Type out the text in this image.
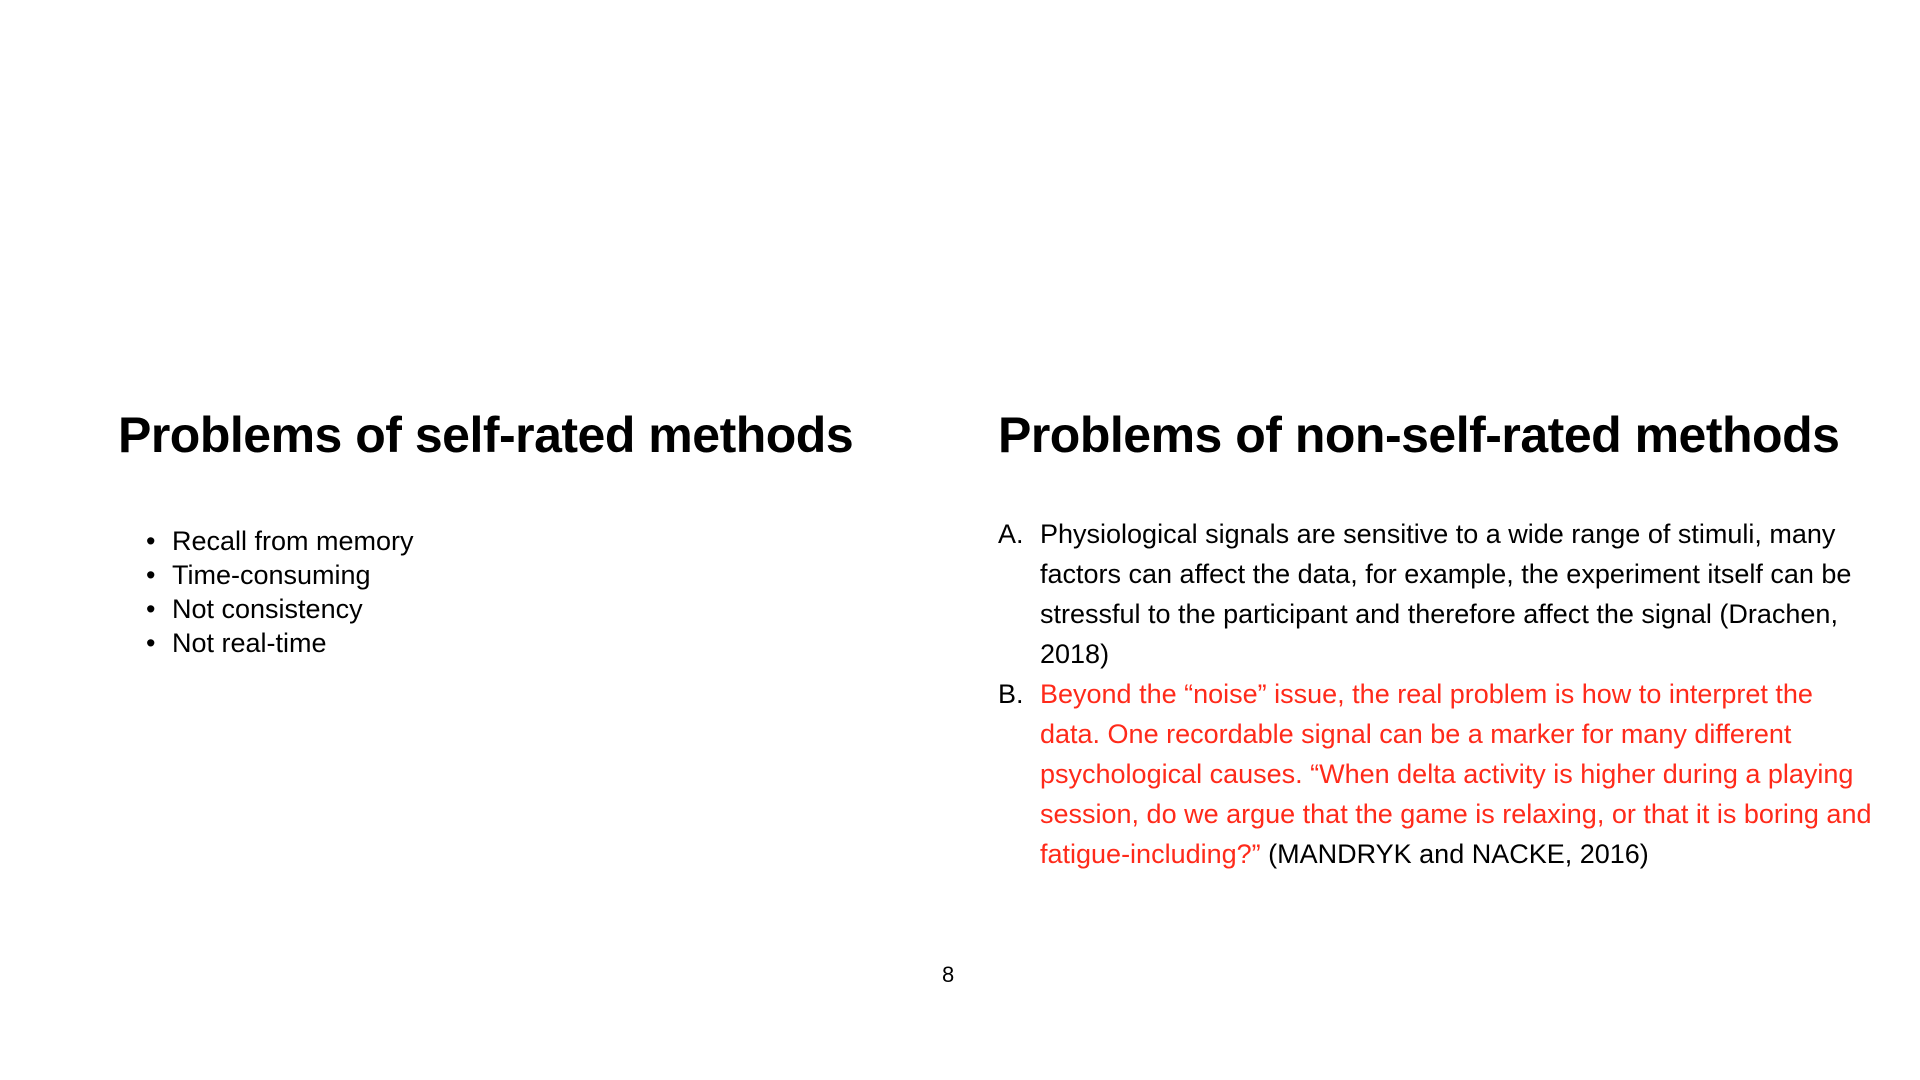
Problems of self-rated methods
• Recall from memory
• Time-consuming
• Not consistency
• Not real-time
Problems of non-self-rated methods
A. Physiological signals are sensitive to a wide range of stimuli, many factors can affect the data, for example, the experiment itself can be stressful to the participant and therefore affect the signal (Drachen, 2018)
B. Beyond the “noise” issue, the real problem is how to interpret the data. One recordable signal can be a marker for many different psychological causes. “When delta activity is higher during a playing session, do we argue that the game is relaxing, or that it is boring and fatigue-including?” (MANDRYK and NACKE, 2016)
8
